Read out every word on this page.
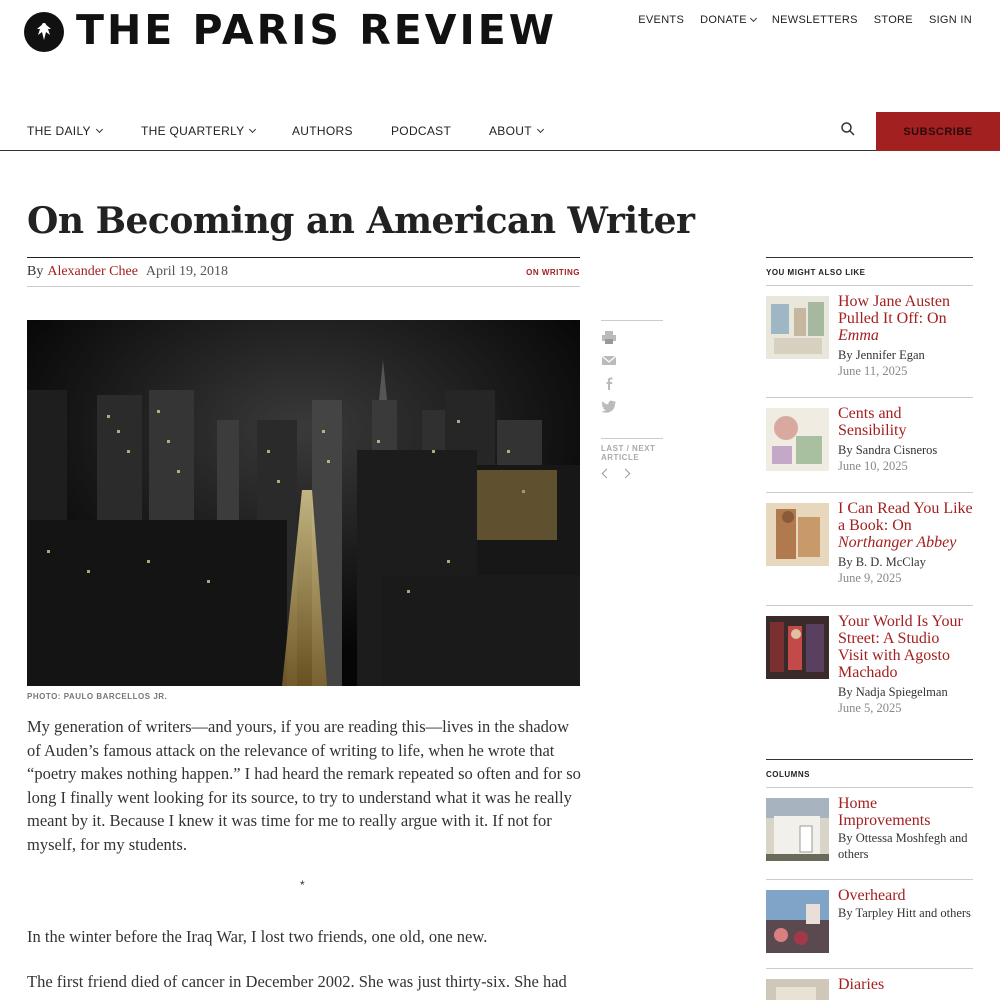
THE PARIS REVIEW	EVENTS DONATE NEWSLETTERS STORE SIGN IN
THE DAILY	THE QUARTERLY	AUTHORS	PODCAST	ABOUT	SUBSCRIBE
On Becoming an American Writer
By Alexander Chee April 19, 2018	ON WRITING
PHOTO: PAULO BARCELLOS JR.
LAST / NEXT ARTICLE

My generation of writers—and yours, if you are reading this—lives in the shadow of Auden’s famous attack on the relevance of writing to life, when he wrote that “poetry makes nothing happen.” I had heard the remark repeated so often and for so long I finally went looking for its source, to try to understand what it was he really meant by it. Because I knew it was time for me to really argue with it. If not for myself, for my students.

*

In the winter before the Iraq War, I lost two friends, one old, one new.

The first friend died of cancer in December 2002. She was just thirty-six. She had

YOU MIGHT ALSO LIKE
How Jane Austen Pulled It Off: On Emma
By Jennifer Egan
June 11, 2025
Cents and Sensibility
By Sandra Cisneros
June 10, 2025
I Can Read You Like a Book: On Northanger Abbey
By B. D. McClay
June 9, 2025
Your World Is Your Street: A Studio Visit with Agosto Machado
By Nadja Spiegelman
June 5, 2025
COLUMNS
Home Improvements
By Ottessa Moshfegh and others
Overheard
By Tarpley Hitt and others
Diaries
